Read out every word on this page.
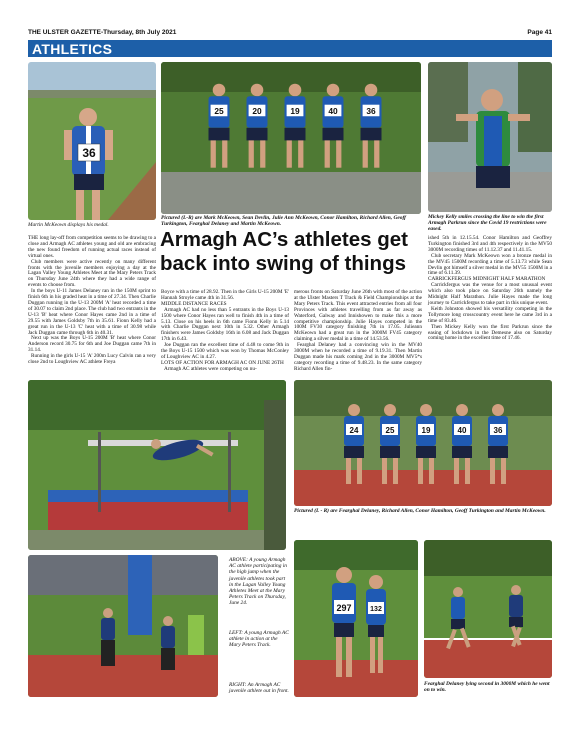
THE ULSTER GAZETTE-Thursday, 8th July 2021	Page 41
ATHLETICS
36
Martin McKeown displays his medal.
25	20	19	40	36
Pictured (L-R) are Mark McKeown, Sean Devlin, Julie Ann McKeown, Conor Hamilton, Richard Allen, Geoff Turkington, Fearghal Delaney and Martin McKeown.
Mickey Kelly smiles crossing the line to win the first Armagh Parkrun since the Covid 19 restrictions were eased.
Armagh AC’s athletes get back into swing of things

THE long lay-off from competition seems to be drawing to a close and Armagh AC athletes young and old are embracing the new found freedom of running actual races instead of virtual ones.

Club members were active recently on many different fronts with the juvenile members enjoying a day at the Lagan Valley Young Athletes Meet at the Mary Peters Track on Thursday June 24th where they had a wide range of events to choose from.

In the boys U-11 James Delaney ran in the 150M sprint to finish 6th in his graded heat in a time of 27.34. Then Charlie Duggan running in the U-13 200M 'A' heat recorded a time of 30.07 to claim 2nd place. The club had two entrants in the U-13 'B' heat where Conor Hayes came 2nd in a time of 29.55 with James Goldsby 7th in 35.61. Fionn Kelly had a great run in the U-13 'C' heat with a time of 30.98 while Jack Duggan came through 6th in 40.31.

Next up was the Boys U-15 200M 'B' heat where Conor Anderson record 30.75 for 6th and Joe Duggan came 7th in 31.14.

Running in the girls U-15 'A' 200m Lucy Calvin ran a very close 2nd to Loughview AC athlete Freya

Boyce with a time of 28.92. Then in the Girls U-15 200M 'E' Hannah Stroyle came 4th in 31.56.

MIDDLE DISTANCE RACES

Armagh AC had no less than 5 entrants in the Boys U-13 1500 where Conor Hayes ran well to finish 4th in a time of 5.13. Close on his heels in 6th came Fionn Kelly in 5.14 with Charlie Duggan next 10th in 5.32. Other Armagh finishers were James Goldsby 16th in 6.08 and Jack Duggan 17th in 6.43.

Joe Duggan ran the excellent time of 4.48 to come 9th in the Boys U-15 1500 which was won by Thomas McConley of Loughview AC in 4.27.

LOTS OF ACTION FOR ARMAGH AC ON JUNE 26TH

Armagh AC athletes were competing on nu-

merous fronts on Saturday June 26th with most of the action at the Ulster Masters T Track & Field Championships at the Mary Peters Track. This event attracted entries from all four Provinces with athletes travelling from as far away as Waterford, Galway and Innishowen to make this a more competitive championship. Julie Hayes competed in the 100M FV30 category finishing 7th in 17.05. Julieann McKeown had a great run in the 3000M FV45 category claiming a silver medal in a time of 14.53.56.

Fearghal Delaney had a convincing win in the MV40 3000M when he recorded a time of 9.19.31. Then Martin Duggan made his mark coming 2nd in the 3000M MV5*s category recording a time of 9.48.23. In the same category Richard Allen fin-

ished 5th in 12.15.54. Conor Hamilton and Geoffrey Turkington finished 3rd and 4th respectively in the MV50 3000M recording times of 11.12.37 and 11.41.15.

Club secretary Mark McKeown won a bronze medal in the MV45 1500M recording a time of 5.13.73 while Sean Devlin got himself a silver medal in the MV55 1500M in a time of 6.11.39.

CARRICKFERGUS MIDNIGHT HALF MARATHON

Carrickfergus was the venue for a most unusual event which also took place on Saturday 26th namely the Midnight Half Marathon. Julie Hayes made the long journey to Carrickfergus to take part in this unique event.

Keith Johnston showed his versatility competing in the Tollymore long crosscountry event here he came 3rd in a time of 83.46.

Then Mickey Kelly won the first Parkrun since the easing of lockdown in the Demesne also on Saturday coming home in the excellent time of 17.46.

24	25	19	40	36
Pictured (L - R) are Fearghal Delaney, Richard Allen, Conor Hamilton, Geoff Turkington and Martin McKeown.
ABOVE: A young Armagh AC athlete participating in the high jump when the juvenile athletes took part in the Lagan Valley Young Athletes Meet at the Mary Peters Track on Thursday, June 24.
LEFT: A young Armagh AC athlete in action at the Mary Peters Track.
RIGHT: An Armagh AC juvenile athlete out in front.
297	132
Fearghal Delaney lying second in 3000M which he went on to win.
